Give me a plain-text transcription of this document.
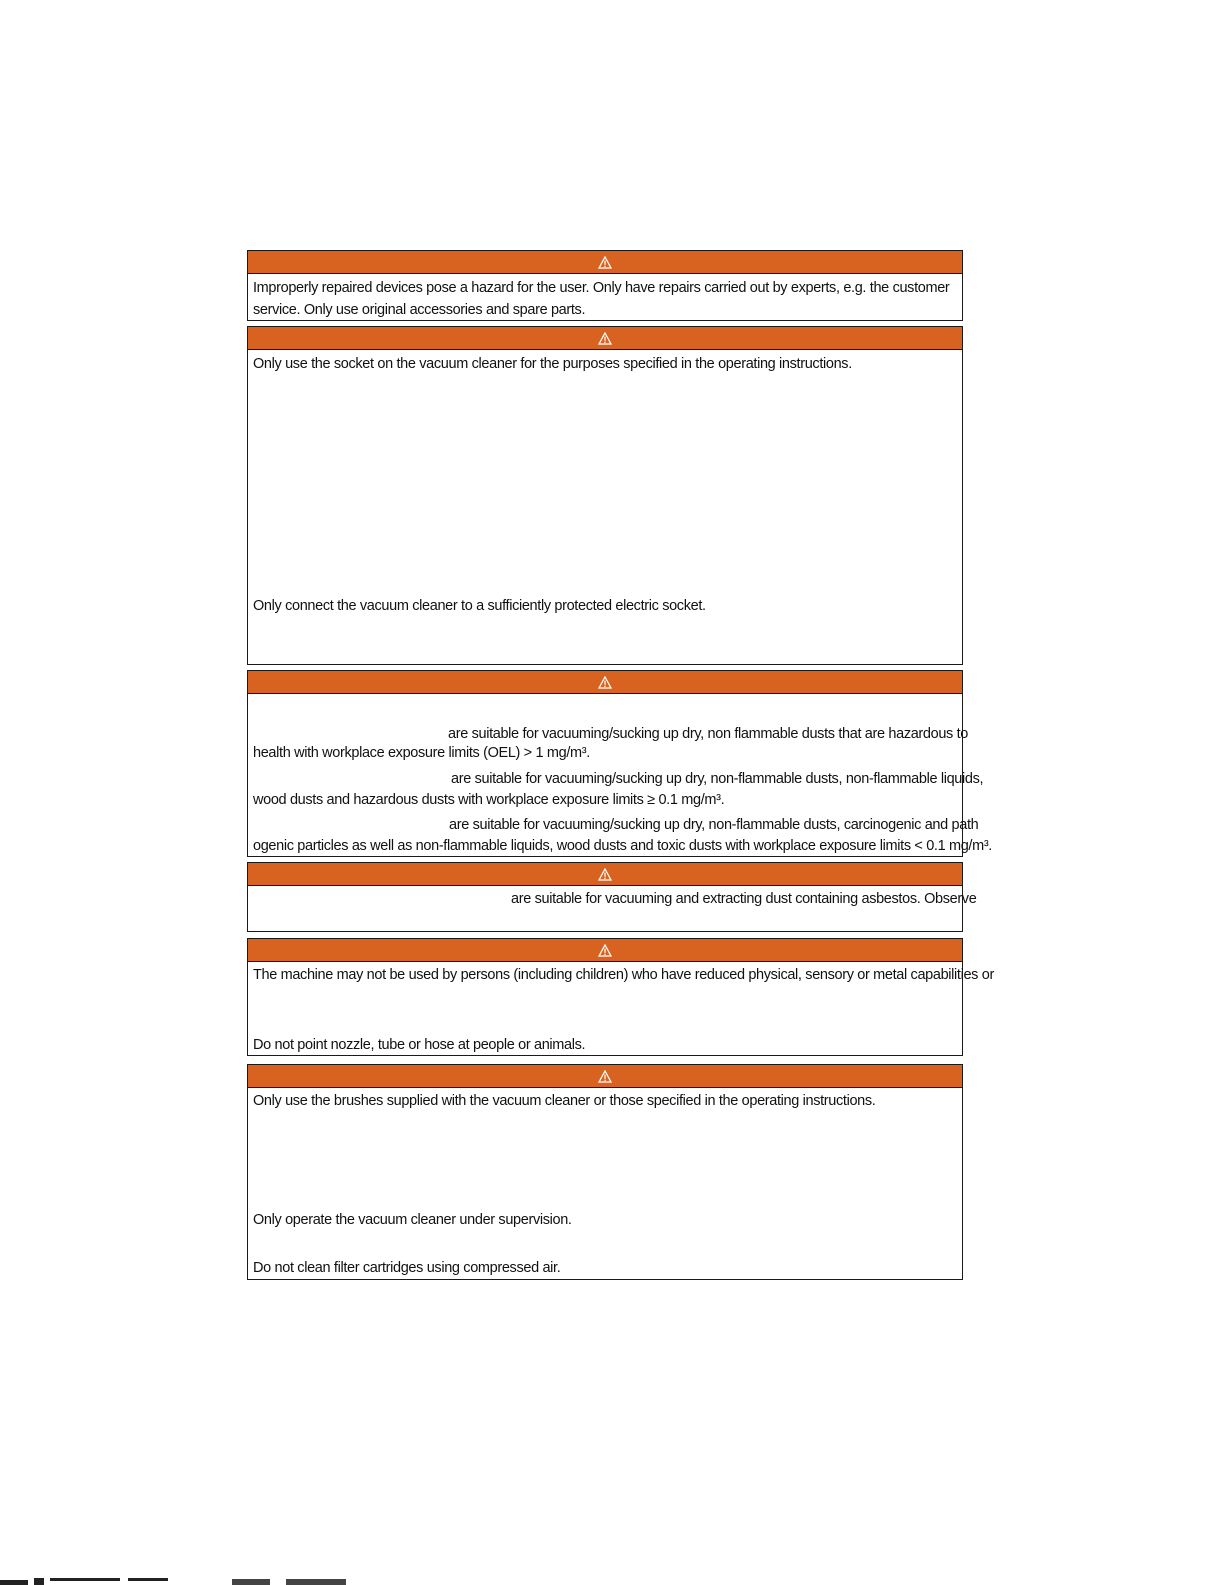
Improperly repaired devices pose a hazard for the user. Only have repairs carried out by experts, e.g. the customer
service. Only use original accessories and spare parts.
Only use the socket on the vacuum cleaner for the purposes specified in the operating instructions.
Only connect the vacuum cleaner to a sufficiently protected electric socket.
are suitable for vacuuming/sucking up dry, non flammable dusts that are hazardous to
health with workplace exposure limits (OEL) > 1 mg/m³.
are suitable for vacuuming/sucking up dry, non-flammable dusts, non-flammable liquids,
wood dusts and hazardous dusts with workplace exposure limits ≥ 0.1 mg/m³.
are suitable for vacuuming/sucking up dry, non-flammable dusts, carcinogenic and path
ogenic particles as well as non-flammable liquids, wood dusts and toxic dusts with workplace exposure limits < 0.1 mg/m³.
are suitable for vacuuming and extracting dust containing asbestos. Observe
The machine may not be used by persons (including children) who have reduced physical, sensory or metal capabilities or
Do not point nozzle, tube or hose at people or animals.
Only use the brushes supplied with the vacuum cleaner or those specified in the operating instructions.
Only operate the vacuum cleaner under supervision.
Do not clean filter cartridges using compressed air.
